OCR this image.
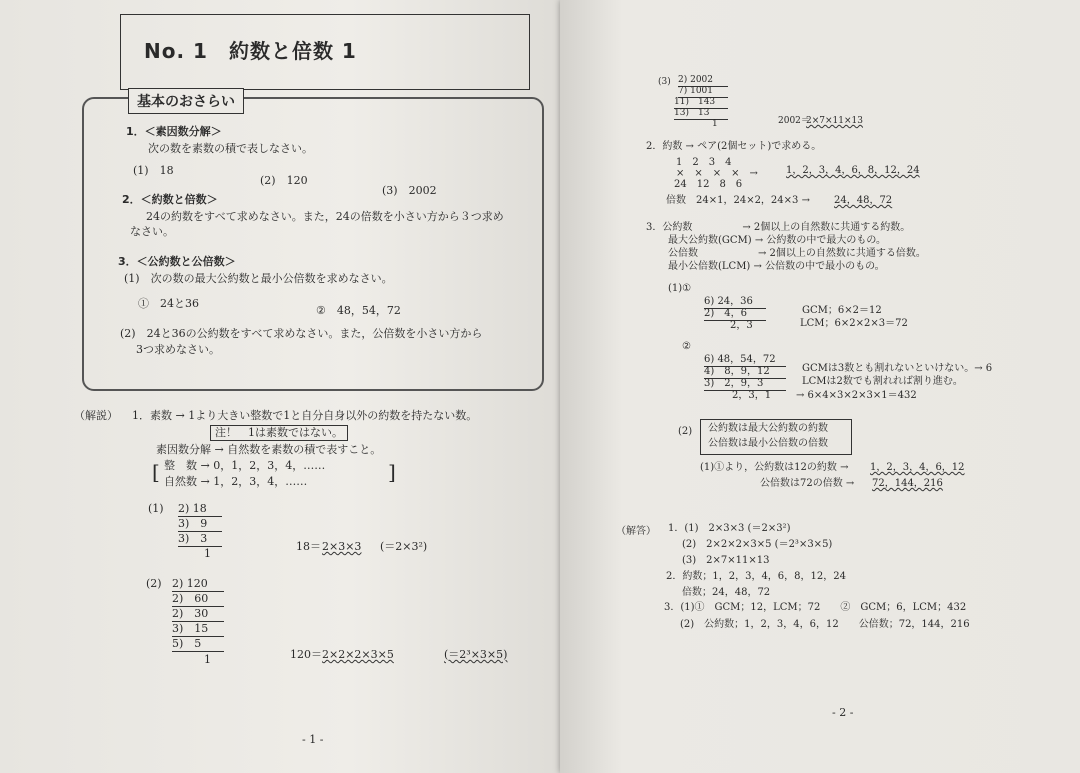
No. 1　約数と倍数 1
基本のおさらい
1．＜素因数分解＞
次の数を素数の積で表しなさい。
(1)　18
(2)　120
(3)　2002
2．＜約数と倍数＞
24の約数をすべて求めなさい。また，24の倍数を小さい方から３つ求め
なさい。
3．＜公約数と公倍数＞
(1)　次の数の最大公約数と最小公倍数を求めなさい。
①　24と36
②　48，54，72
(2)　24と36の公約数をすべて求めなさい。また，公倍数を小さい方から
3つ求めなさい。
（解説） 1．素数 → 1より大きい整数で1と自分自身以外の約数を持たない数。
注！　1は素数ではない。
素因数分解 → 自然数を素数の積で表すこと。
[ 整　数 → 0，1，2，3，4，……
自然数 → 1，2，3，4，……	]
(1) 2) 18
3)　9
3)　3
1
18＝ 2×3×3 (＝2×3²)
(2) 2) 120
2)　60
2)　30
3)　15
5)　5
1	120＝ 2×2×2×3×5	(＝2³×3×5)
- 1 -
(3) 2) 2002
7) 1001
11)　143
13)　13
1	2002＝
2×7×11×13
2．約数 → ペア(2個セット)で求める。
1　2　3　4
×　×　×　×　→
24　12　8　6
1，2，3，4，6，8，12，24
倍数　24×1，24×2，24×3 → 24，48，72
3．公約数　　　　　→ 2個以上の自然数に共通する約数。
最大公約数(GCM) → 公約数の中で最大のもの。
公倍数　　　　　　→ 2個以上の自然数に共通する倍数。
最小公倍数(LCM) → 公倍数の中で最小のもの。
(1)①
6) 24，36
2)　4，6
2，3
GCM；6×2＝12
LCM；6×2×2×3＝72
②
6) 48，54，72
4)　8，9，12
3)　2，9，3
2，3，1
GCMは3数とも割れないといけない。→ 6
LCMは2数でも割れれば割り進む。
→ 6×4×3×2×3×1＝432
(2) 公約数は最大公約数の約数
公倍数は最小公倍数の倍数
(1)①より，公約数は12の約数 → 1，2，3，4，6，12
公倍数は72の倍数 → 72，144，216
（解答） 1．(1)　2×3×3 (＝2×3²)
(2)　2×2×2×3×5 (＝2³×3×5)
(3)　2×7×11×13
2．約数；1，2，3，4，6，8，12，24
倍数；24，48，72
3．(1)①　GCM；12，LCM；72　　②　GCM；6，LCM；432
(2)　公約数；1，2，3，4，6，12　　公倍数；72，144，216
- 2 -
